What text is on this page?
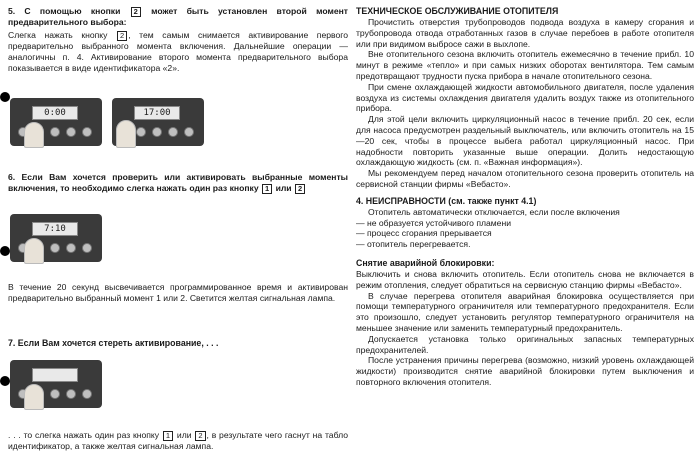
5. С помощью кнопки 2 может быть установлен второй момент предварительного выбора:
Слегка нажать кнопку 2 , тем самым снимается активирование первого предварительно выбранного момента включения. Дальнейшие операции — аналогичны п. 4. Активирование второго момента предварительного выбора показывается в виде идентификатора «2».
0:00	17:00
6. Если Вам хочется проверить или активировать выбранные моменты включения, то необходимо слегка нажать один раз кнопку 1 или 2
7:10
В течение 20 секунд высвечивается программированное время и активирован предварительно выбранный момент 1 или 2. Светится желтая сигнальная лампа.
7. Если Вам хочется стереть активирование, . . .
. . . то слегка нажать один раз кнопку 1 или 2 , в результате чего гаснут на табло идентификатор, а также желтая сигнальная лампа.
ТЕХНИЧЕСКОЕ ОБСЛУЖИВАНИЕ ОТОПИТЕЛЯ
Прочистить отверстия трубопроводов подвода воздуха в камеру сгорания и трубопровода отвода отработанных газов в случае перебоев в работе отопителя или при видимом выбросе сажи в выхлопе.
Вне отопительного сезона включить отопитель ежемесячно в течение прибл. 10 минут в режиме «тепло» и при самых низких оборотах вентилятора. Тем самым предотвращают трудности пуска прибора в начале отопительного сезона.
При смене охлаждающей жидкости автомобильного двигателя, после удаления воздуха из системы охлаждения двигателя удалить воздух также из отопительного прибора.
Для этой цели включить циркуляционный насос в течение прибл. 20 сек, если для насоса предусмотрен раздельный выключатель, или включить отопитель на 15—20 сек, чтобы в процессе выбега работал циркуляционный насос. При надобности повторить указанные выше операции. Долить недостающую охлаждающую жидкость (см. п. «Важная информация»).
Мы рекомендуем перед началом отопительного сезона проверить отопитель на сервисной станции фирмы «Вебасто».
4. НЕИСПРАВНОСТИ (см. также пункт 4.1)
Отопитель автоматически отключается, если после включения
— не образуется устойчивого пламени
— процесс сгорания прерывается
— отопитель перегревается.
Снятие аварийной блокировки:
Выключить и снова включить отопитель. Если отопитель снова не включается в режим отопления, следует обратиться на сервисную станцию фирмы «Вебасто».
В случае перегрева отопителя аварийная блокировка осуществляется при помощи температурного ограничителя или температурного предохранителя. Если это произошло, следует установить регулятор температурного ограничителя на меньшее значение или заменить температурный предохранитель.
Допускается установка только оригинальных запасных температурных предохранителей.
После устранения причины перегрева (возможно, низкий уровень охлаждающей жидкости) производится снятие аварийной блокировки путем выключения и повторного включения отопителя.
